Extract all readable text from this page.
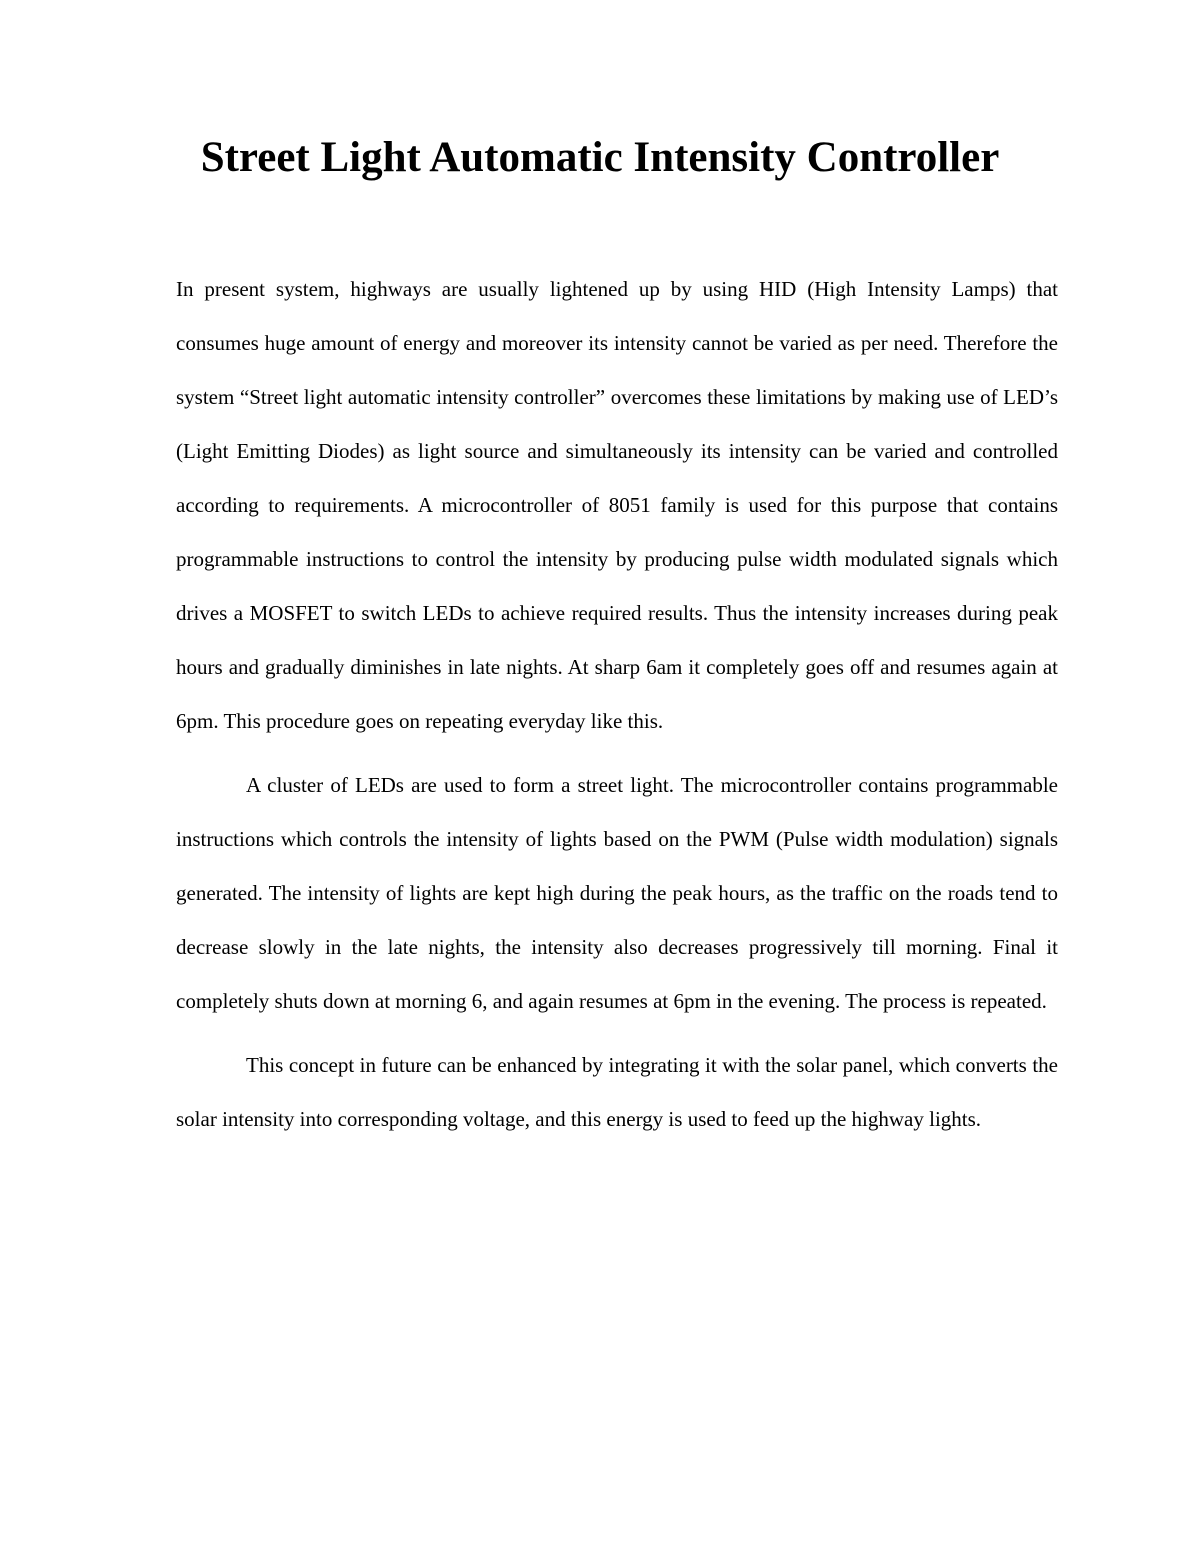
Street Light Automatic Intensity Controller

In present system, highways are usually lightened up by using HID (High Intensity Lamps) that consumes huge amount of energy and moreover its intensity cannot be varied as per need. Therefore the system “Street light automatic intensity controller” overcomes these limitations by making use of LED’s (Light Emitting Diodes) as light source and simultaneously its intensity can be varied and controlled according to requirements. A microcontroller of 8051 family is used for this purpose that contains programmable instructions to control the intensity by producing pulse width modulated signals which drives a MOSFET to switch LEDs to achieve required results. Thus the intensity increases during peak hours and gradually diminishes in late nights. At sharp 6am it completely goes off and resumes again at 6pm. This procedure goes on repeating everyday like this.

A cluster of LEDs are used to form a street light. The microcontroller contains programmable instructions which controls the intensity of lights based on the PWM (Pulse width modulation) signals generated. The intensity of lights are kept high during the peak hours, as the traffic on the roads tend to decrease slowly in the late nights, the intensity also decreases progressively till morning. Final it completely shuts down at morning 6, and again resumes at 6pm in the evening. The process is repeated.

This concept in future can be enhanced by integrating it with the solar panel, which converts the solar intensity into corresponding voltage, and this energy is used to feed up the highway lights.
